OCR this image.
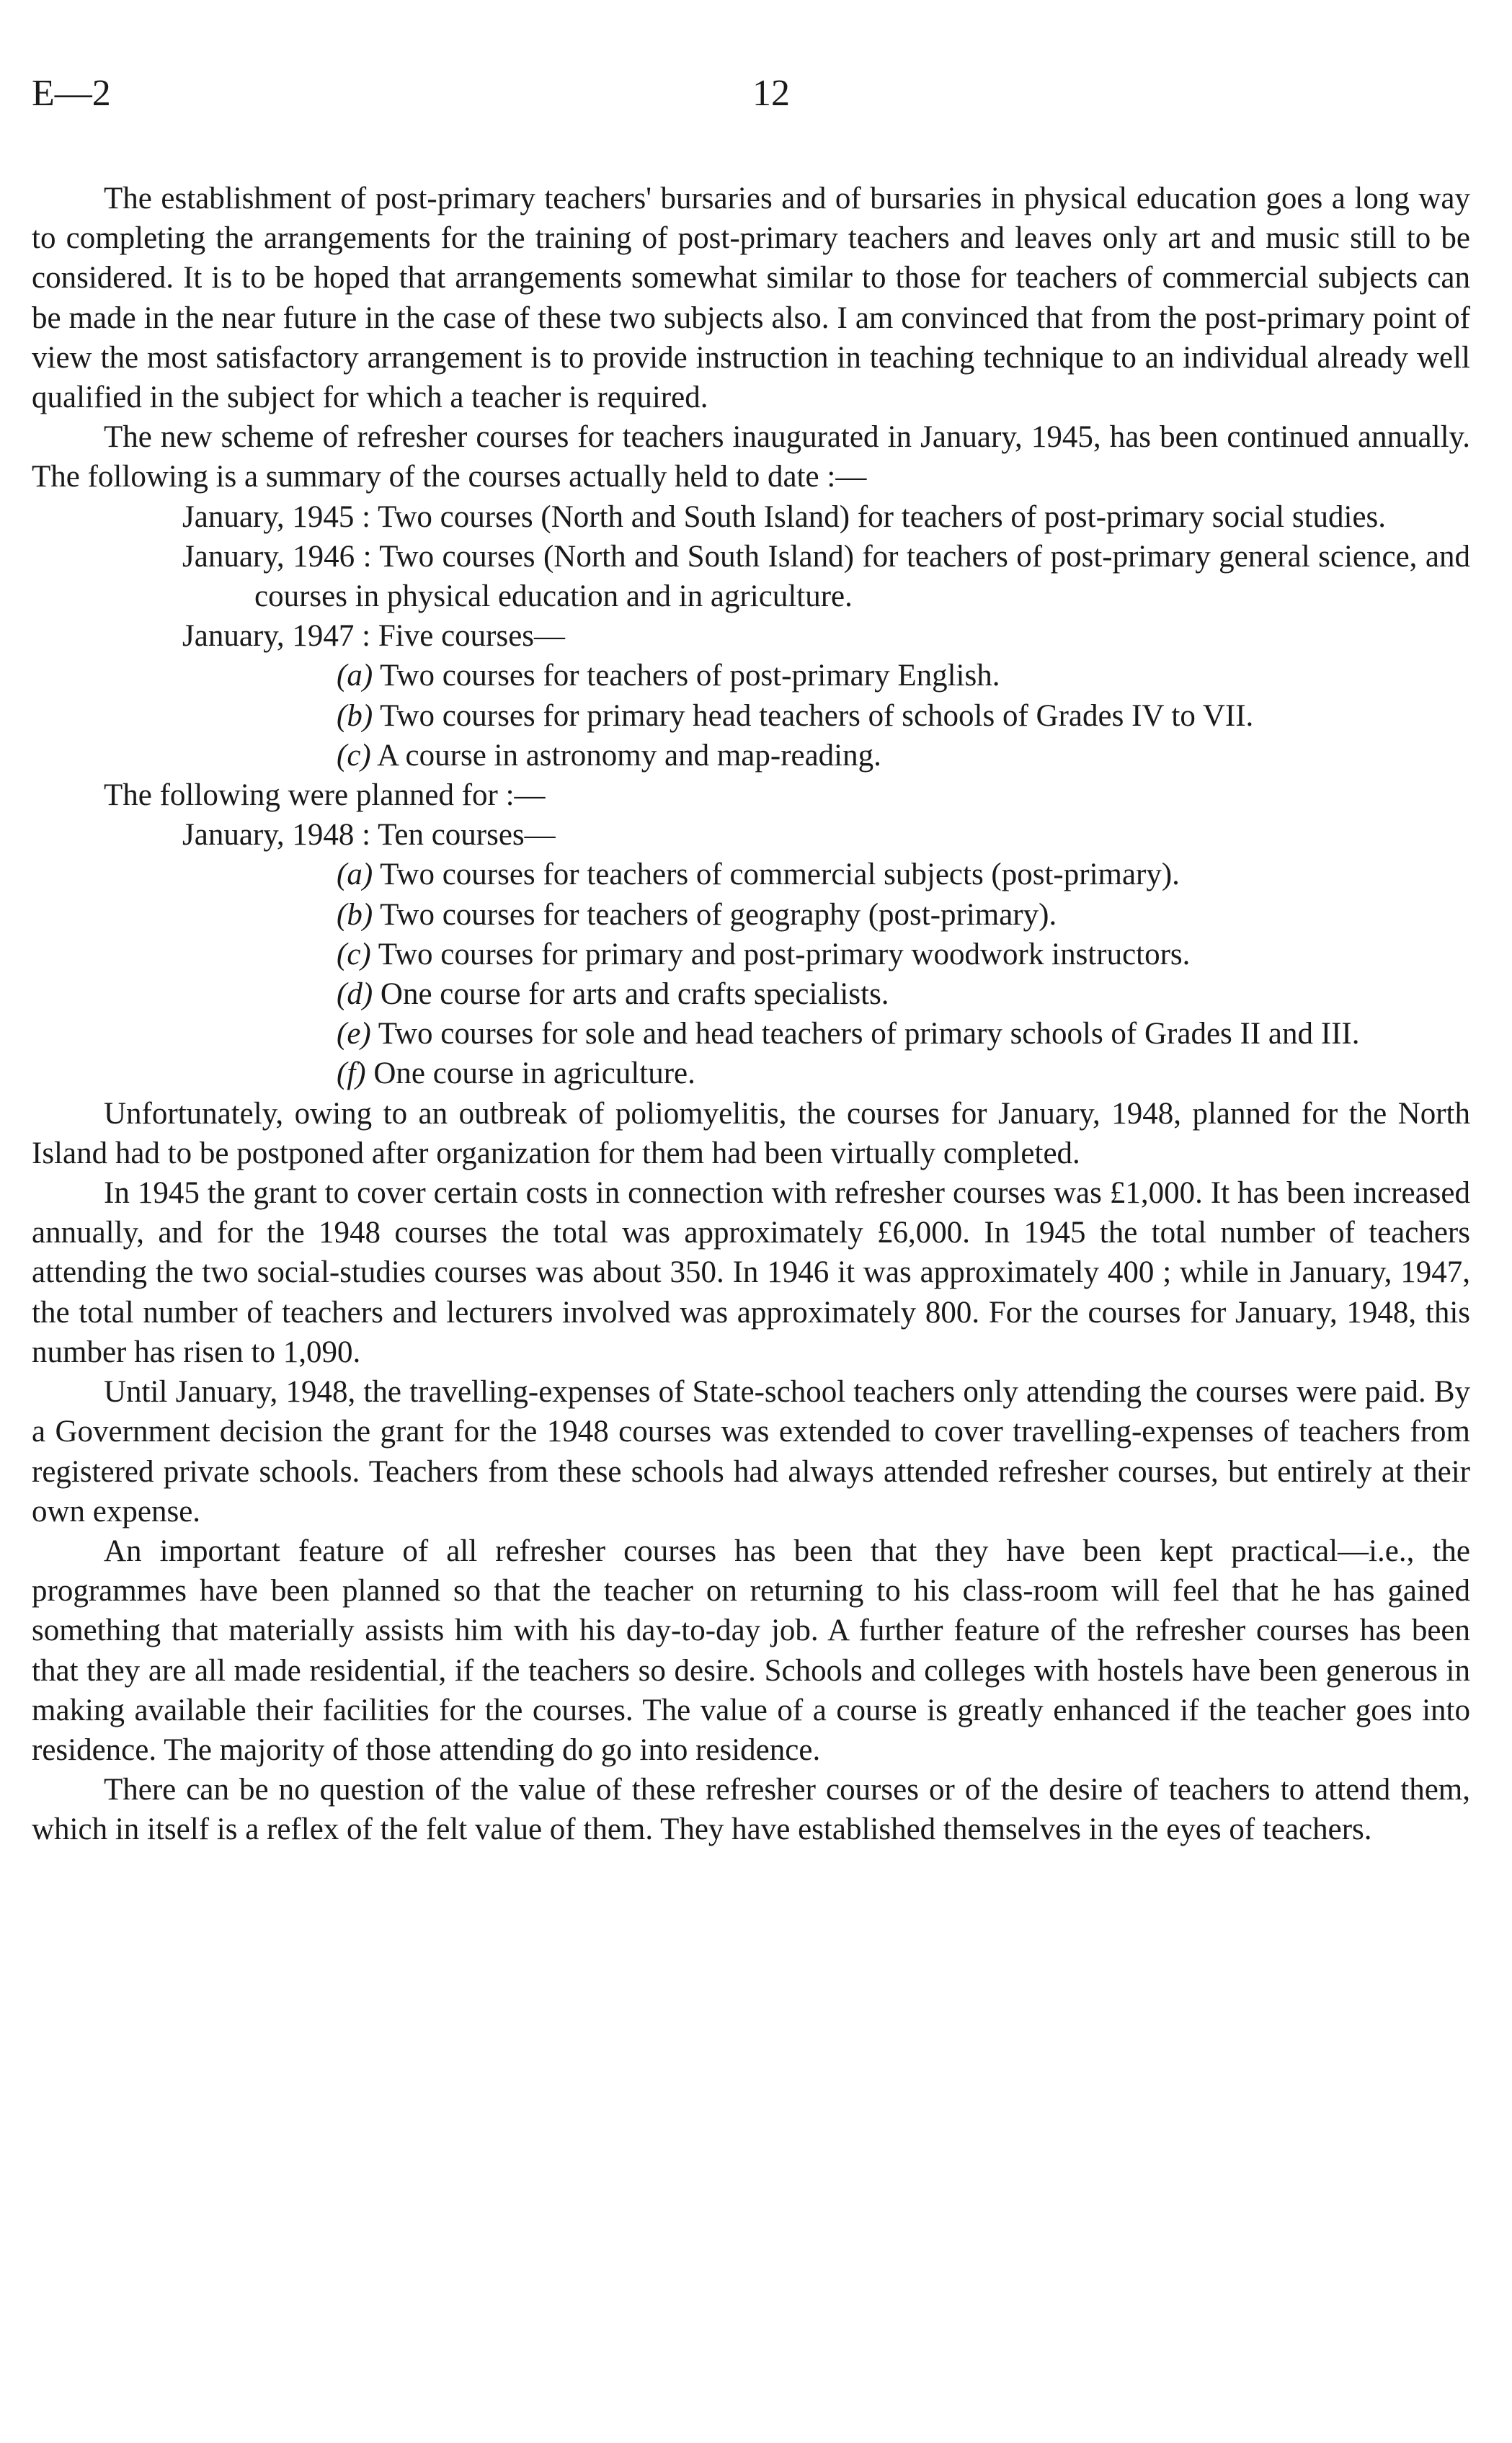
E—2	12

The establishment of post-primary teachers' bursaries and of bursaries in physical education goes a long way to completing the arrangements for the training of post-primary teachers and leaves only art and music still to be considered. It is to be hoped that arrangements somewhat similar to those for teachers of commercial subjects can be made in the near future in the case of these two subjects also. I am convinced that from the post-primary point of view the most satisfactory arrangement is to provide instruction in teaching technique to an individual already well qualified in the subject for which a teacher is required.

The new scheme of refresher courses for teachers inaugurated in January, 1945, has been continued annually. The following is a summary of the courses actually held to date :—

January, 1945 : Two courses (North and South Island) for teachers of post-primary social studies.

January, 1946 : Two courses (North and South Island) for teachers of post-primary general science, and courses in physical education and in agriculture.

January, 1947 : Five courses—

(a) Two courses for teachers of post-primary English.

(b) Two courses for primary head teachers of schools of Grades IV to VII.

(c) A course in astronomy and map-reading.

The following were planned for :—

January, 1948 : Ten courses—

(a) Two courses for teachers of commercial subjects (post-primary).

(b) Two courses for teachers of geography (post-primary).

(c) Two courses for primary and post-primary woodwork instructors.

(d) One course for arts and crafts specialists.

(e) Two courses for sole and head teachers of primary schools of Grades II and III.

(f) One course in agriculture.

Unfortunately, owing to an outbreak of poliomyelitis, the courses for January, 1948, planned for the North Island had to be postponed after organization for them had been virtually completed.

In 1945 the grant to cover certain costs in connection with refresher courses was £1,000. It has been increased annually, and for the 1948 courses the total was approximately £6,000. In 1945 the total number of teachers attending the two social-studies courses was about 350. In 1946 it was approximately 400 ; while in January, 1947, the total number of teachers and lecturers involved was approximately 800. For the courses for January, 1948, this number has risen to 1,090.

Until January, 1948, the travelling-expenses of State-school teachers only attending the courses were paid. By a Government decision the grant for the 1948 courses was extended to cover travelling-expenses of teachers from registered private schools. Teachers from these schools had always attended refresher courses, but entirely at their own expense.

An important feature of all refresher courses has been that they have been kept practical—i.e., the programmes have been planned so that the teacher on returning to his class-room will feel that he has gained something that materially assists him with his day-to-day job. A further feature of the refresher courses has been that they are all made residential, if the teachers so desire. Schools and colleges with hostels have been generous in making available their facilities for the courses. The value of a course is greatly enhanced if the teacher goes into residence. The majority of those attending do go into residence.

There can be no question of the value of these refresher courses or of the desire of teachers to attend them, which in itself is a reflex of the felt value of them. They have established themselves in the eyes of teachers.
